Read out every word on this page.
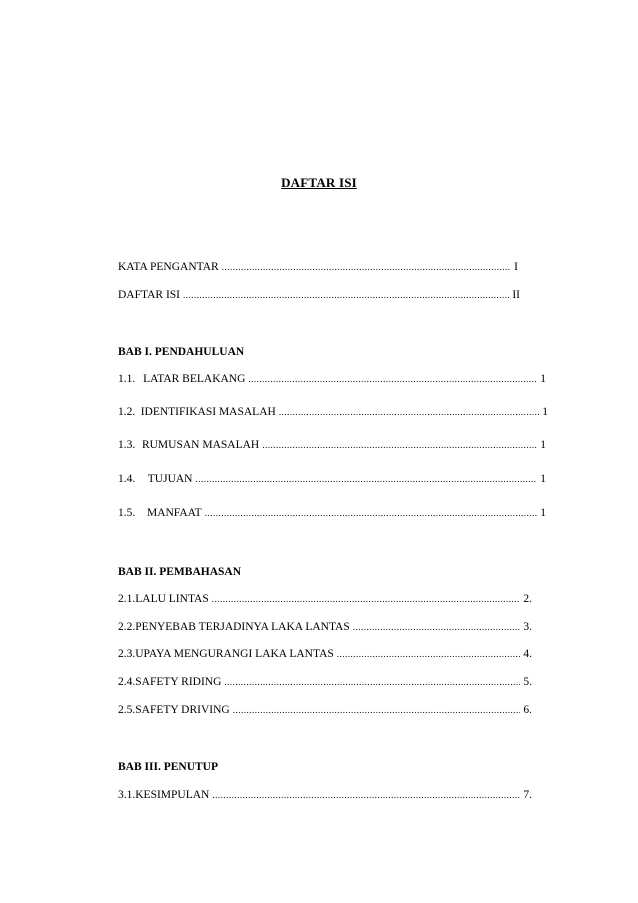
DAFTAR ISI
KATA PENGANTAR .....	I
DAFTAR ISI .....	II
BAB I. PENDAHULUAN
1.1. LATAR BELAKANG .....	1
1.2. IDENTIFIKASI MASALAH .....	1
1.3. RUMUSAN MASALAH .....	1
1.4.	TUJUAN .....	1
1.5.	MANFAAT .....	1
BAB II. PEMBAHASAN
2.1. LALU LINTAS .....	2.
2.2. PENYEBAB TERJADINYA LAKA LANTAS .....	3.
2.3. UPAYA MENGURANGI LAKA LANTAS .....	4.
2.4. SAFETY RIDING .....	5.
2.5. SAFETY DRIVING .....	6.
BAB III. PENUTUP
3.1. KESIMPULAN .....	7.
